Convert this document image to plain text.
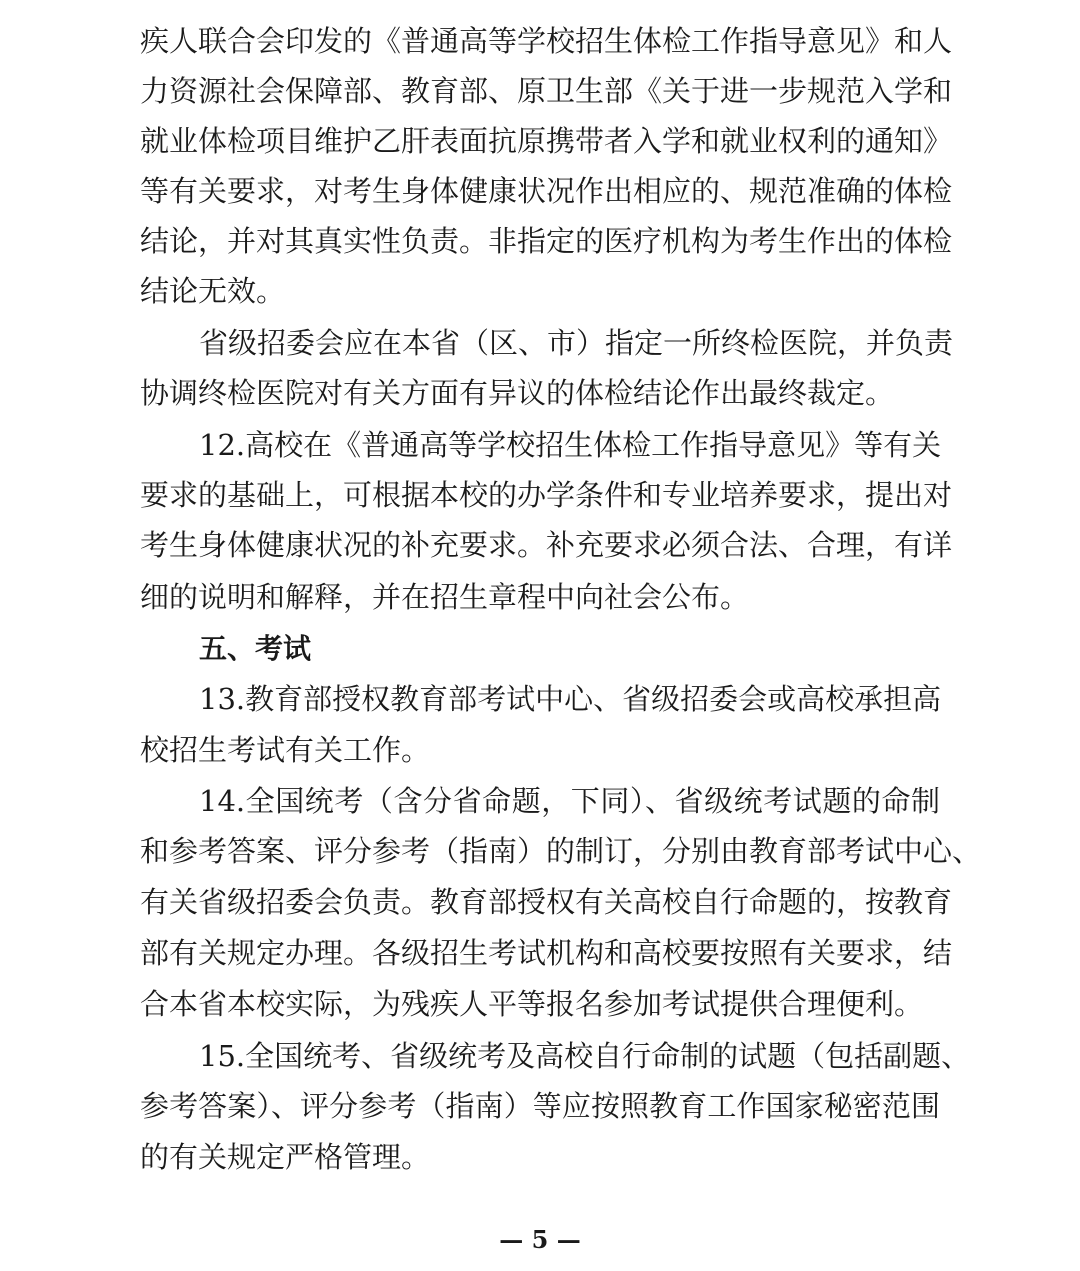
疾人联合会印发的《普通高等学校招生体检工作指导意见》和人
力资源社会保障部、教育部、原卫生部《关于进一步规范入学和
就业体检项目维护乙肝表面抗原携带者入学和就业权利的通知》
等有关要求，对考生身体健康状况作出相应的、规范准确的体检
结论，并对其真实性负责。非指定的医疗机构为考生作出的体检
结论无效。
省级招委会应在本省（区、市）指定一所终检医院，并负责
协调终检医院对有关方面有异议的体检结论作出最终裁定。
12.高校在《普通高等学校招生体检工作指导意见》等有关
要求的基础上，可根据本校的办学条件和专业培养要求，提出对
考生身体健康状况的补充要求。补充要求必须合法、合理，有详
细的说明和解释，并在招生章程中向社会公布。
五、考试
13.教育部授权教育部考试中心、省级招委会或高校承担高
校招生考试有关工作。
14.全国统考（含分省命题，下同）、省级统考试题的命制
和参考答案、评分参考（指南）的制订，分别由教育部考试中心、
有关省级招委会负责。教育部授权有关高校自行命题的，按教育
部有关规定办理。各级招生考试机构和高校要按照有关要求，结
合本省本校实际，为残疾人平等报名参加考试提供合理便利。
15.全国统考、省级统考及高校自行命制的试题（包括副题、
参考答案）、评分参考（指南）等应按照教育工作国家秘密范围
的有关规定严格管理。
— 5 —
